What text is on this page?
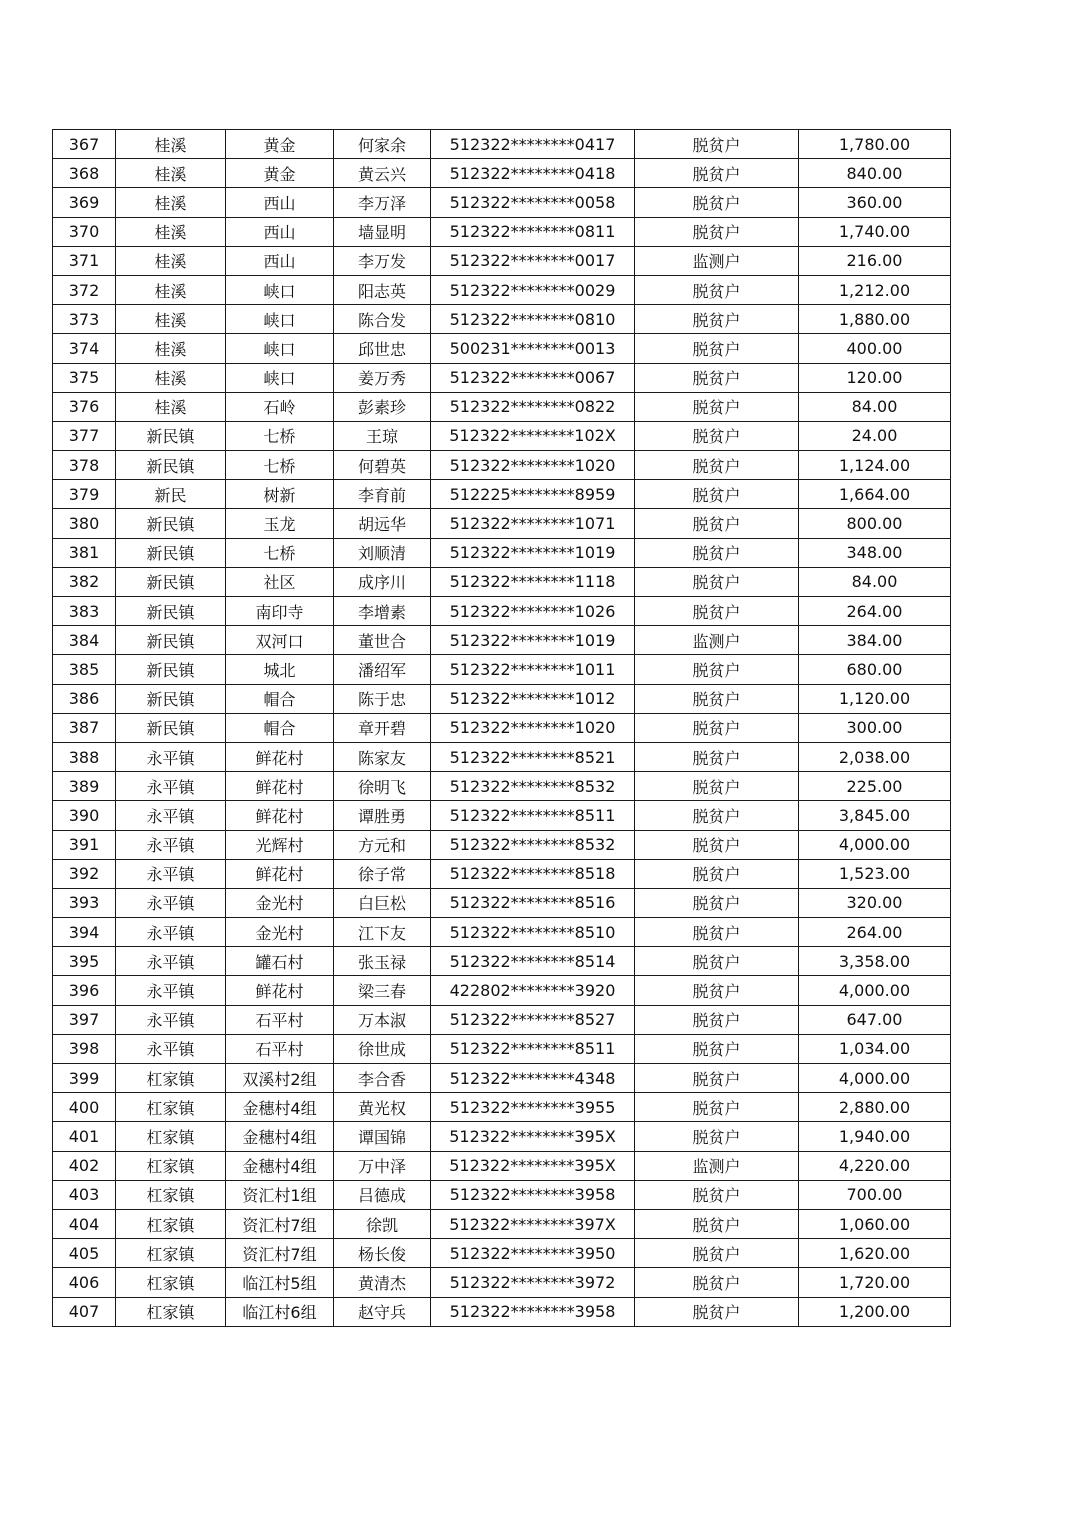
367	桂溪	黄金	何家余	512322********0417	脱贫户	1,780.00
368	桂溪	黄金	黄云兴	512322********0418	脱贫户	840.00
369	桂溪	西山	李万泽	512322********0058	脱贫户	360.00
370	桂溪	西山	墙显明	512322********0811	脱贫户	1,740.00
371	桂溪	西山	李万发	512322********0017	监测户	216.00
372	桂溪	峡口	阳志英	512322********0029	脱贫户	1,212.00
373	桂溪	峡口	陈合发	512322********0810	脱贫户	1,880.00
374	桂溪	峡口	邱世忠	500231********0013	脱贫户	400.00
375	桂溪	峡口	姜万秀	512322********0067	脱贫户	120.00
376	桂溪	石岭	彭素珍	512322********0822	脱贫户	84.00
377	新民镇	七桥	王琼	512322********102X	脱贫户	24.00
378	新民镇	七桥	何碧英	512322********1020	脱贫户	1,124.00
379	新民	树新	李育前	512225********8959	脱贫户	1,664.00
380	新民镇	玉龙	胡远华	512322********1071	脱贫户	800.00
381	新民镇	七桥	刘顺清	512322********1019	脱贫户	348.00
382	新民镇	社区	成序川	512322********1118	脱贫户	84.00
383	新民镇	南印寺	李增素	512322********1026	脱贫户	264.00
384	新民镇	双河口	董世合	512322********1019	监测户	384.00
385	新民镇	城北	潘绍军	512322********1011	脱贫户	680.00
386	新民镇	帽合	陈于忠	512322********1012	脱贫户	1,120.00
387	新民镇	帽合	章开碧	512322********1020	脱贫户	300.00
388	永平镇	鲜花村	陈家友	512322********8521	脱贫户	2,038.00
389	永平镇	鲜花村	徐明飞	512322********8532	脱贫户	225.00
390	永平镇	鲜花村	谭胜勇	512322********8511	脱贫户	3,845.00
391	永平镇	光辉村	方元和	512322********8532	脱贫户	4,000.00
392	永平镇	鲜花村	徐子常	512322********8518	脱贫户	1,523.00
393	永平镇	金光村	白巨松	512322********8516	脱贫户	320.00
394	永平镇	金光村	江下友	512322********8510	脱贫户	264.00
395	永平镇	罐石村	张玉禄	512322********8514	脱贫户	3,358.00
396	永平镇	鲜花村	梁三春	422802********3920	脱贫户	4,000.00
397	永平镇	石平村	万本淑	512322********8527	脱贫户	647.00
398	永平镇	石平村	徐世成	512322********8511	脱贫户	1,034.00
399	杠家镇	双溪村2组	李合香	512322********4348	脱贫户	4,000.00
400	杠家镇	金穗村4组	黄光权	512322********3955	脱贫户	2,880.00
401	杠家镇	金穗村4组	谭国锦	512322********395X	脱贫户	1,940.00
402	杠家镇	金穗村4组	万中泽	512322********395X	监测户	4,220.00
403	杠家镇	资汇村1组	吕德成	512322********3958	脱贫户	700.00
404	杠家镇	资汇村7组	徐凯	512322********397X	脱贫户	1,060.00
405	杠家镇	资汇村7组	杨长俊	512322********3950	脱贫户	1,620.00
406	杠家镇	临江村5组	黄清杰	512322********3972	脱贫户	1,720.00
407	杠家镇	临江村6组	赵守兵	512322********3958	脱贫户	1,200.00
